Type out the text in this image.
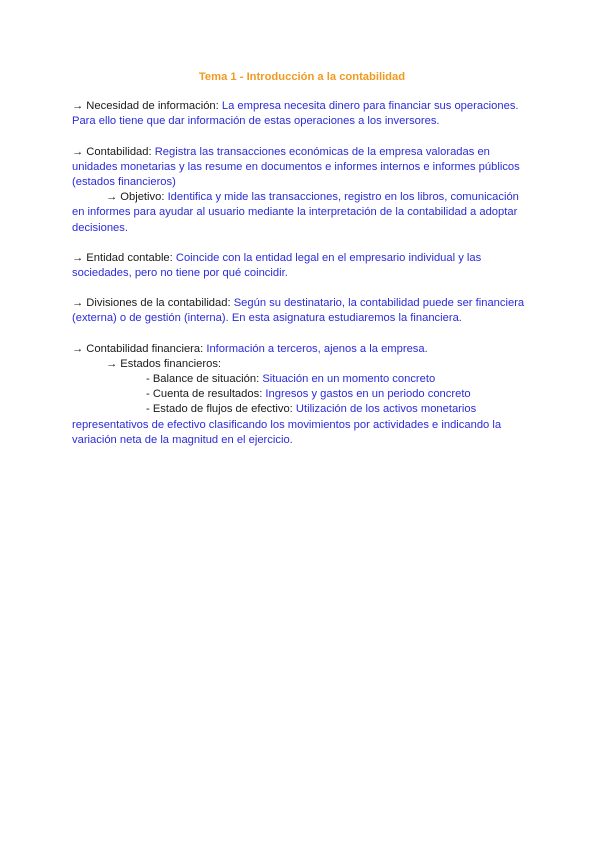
Tema 1 - Introducción a la contabilidad
→ Necesidad de información: La empresa necesita dinero para financiar sus operaciones. Para ello tiene que dar información de estas operaciones a los inversores.
→ Contabilidad: Registra las transacciones económicas de la empresa valoradas en unidades monetarias y las resume en documentos e informes internos e informes públicos (estados financieros)
→ Objetivo: Identifica y mide las transacciones, registro en los libros, comunicación en informes para ayudar al usuario mediante la interpretación de la contabilidad a adoptar decisiones.
→ Entidad contable: Coincide con la entidad legal en el empresario individual y las sociedades, pero no tiene por qué coincidir.
→ Divisiones de la contabilidad: Según su destinatario, la contabilidad puede ser financiera (externa) o de gestión (interna). En esta asignatura estudiaremos la financiera.
→ Contabilidad financiera: Información a terceros, ajenos a la empresa.
→ Estados financieros:
- Balance de situación: Situación en un momento concreto
- Cuenta de resultados: Ingresos y gastos en un periodo concreto
- Estado de flujos de efectivo: Utilización de los activos monetarios representativos de efectivo clasificando los movimientos por actividades e indicando la variación neta de la magnitud en el ejercicio.
